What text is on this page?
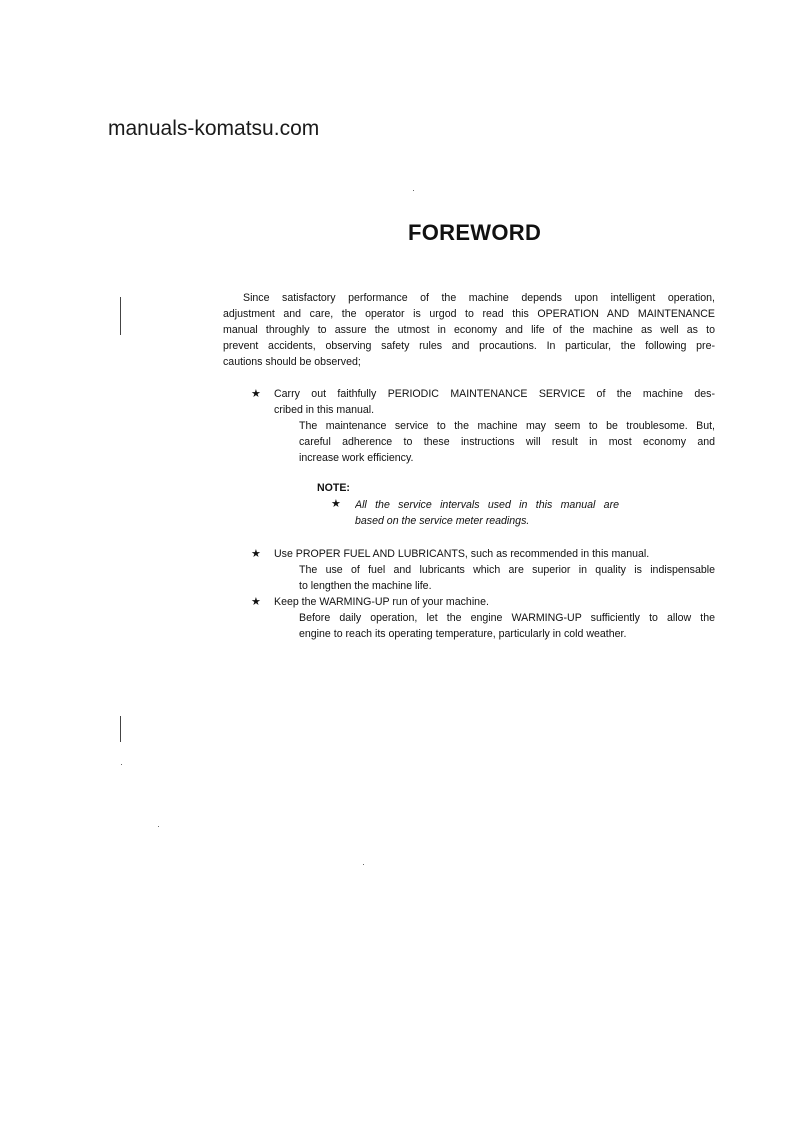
manuals-komatsu.com
FOREWORD
Since satisfactory performance of the machine depends upon intelligent operation,
adjustment and care, the operator is urgod to read this OPERATION AND MAINTENANCE
manual throughly to assure the utmost in economy and life of the machine as well as to
prevent accidents, observing safety rules and procautions. In particular, the following pre-
cautions should be observed;
★ Carry out faithfully PERIODIC MAINTENANCE SERVICE of the machine des-
cribed in this manual.
The maintenance service to the machine may seem to be troublesome. But,
careful adherence to these instructions will result in most economy and
increase work efficiency.
NOTE:
★ All the service intervals used in this manual are
based on the service meter readings.
★ Use PROPER FUEL AND LUBRICANTS, such as recommended in this manual.
The use of fuel and lubricants which are superior in quality is indispensable
to lengthen the machine life.
★ Keep the WARMING-UP run of your machine.
Before daily operation, let the engine WARMING-UP sufficiently to allow the
engine to reach its operating temperature, particularly in cold weather.
